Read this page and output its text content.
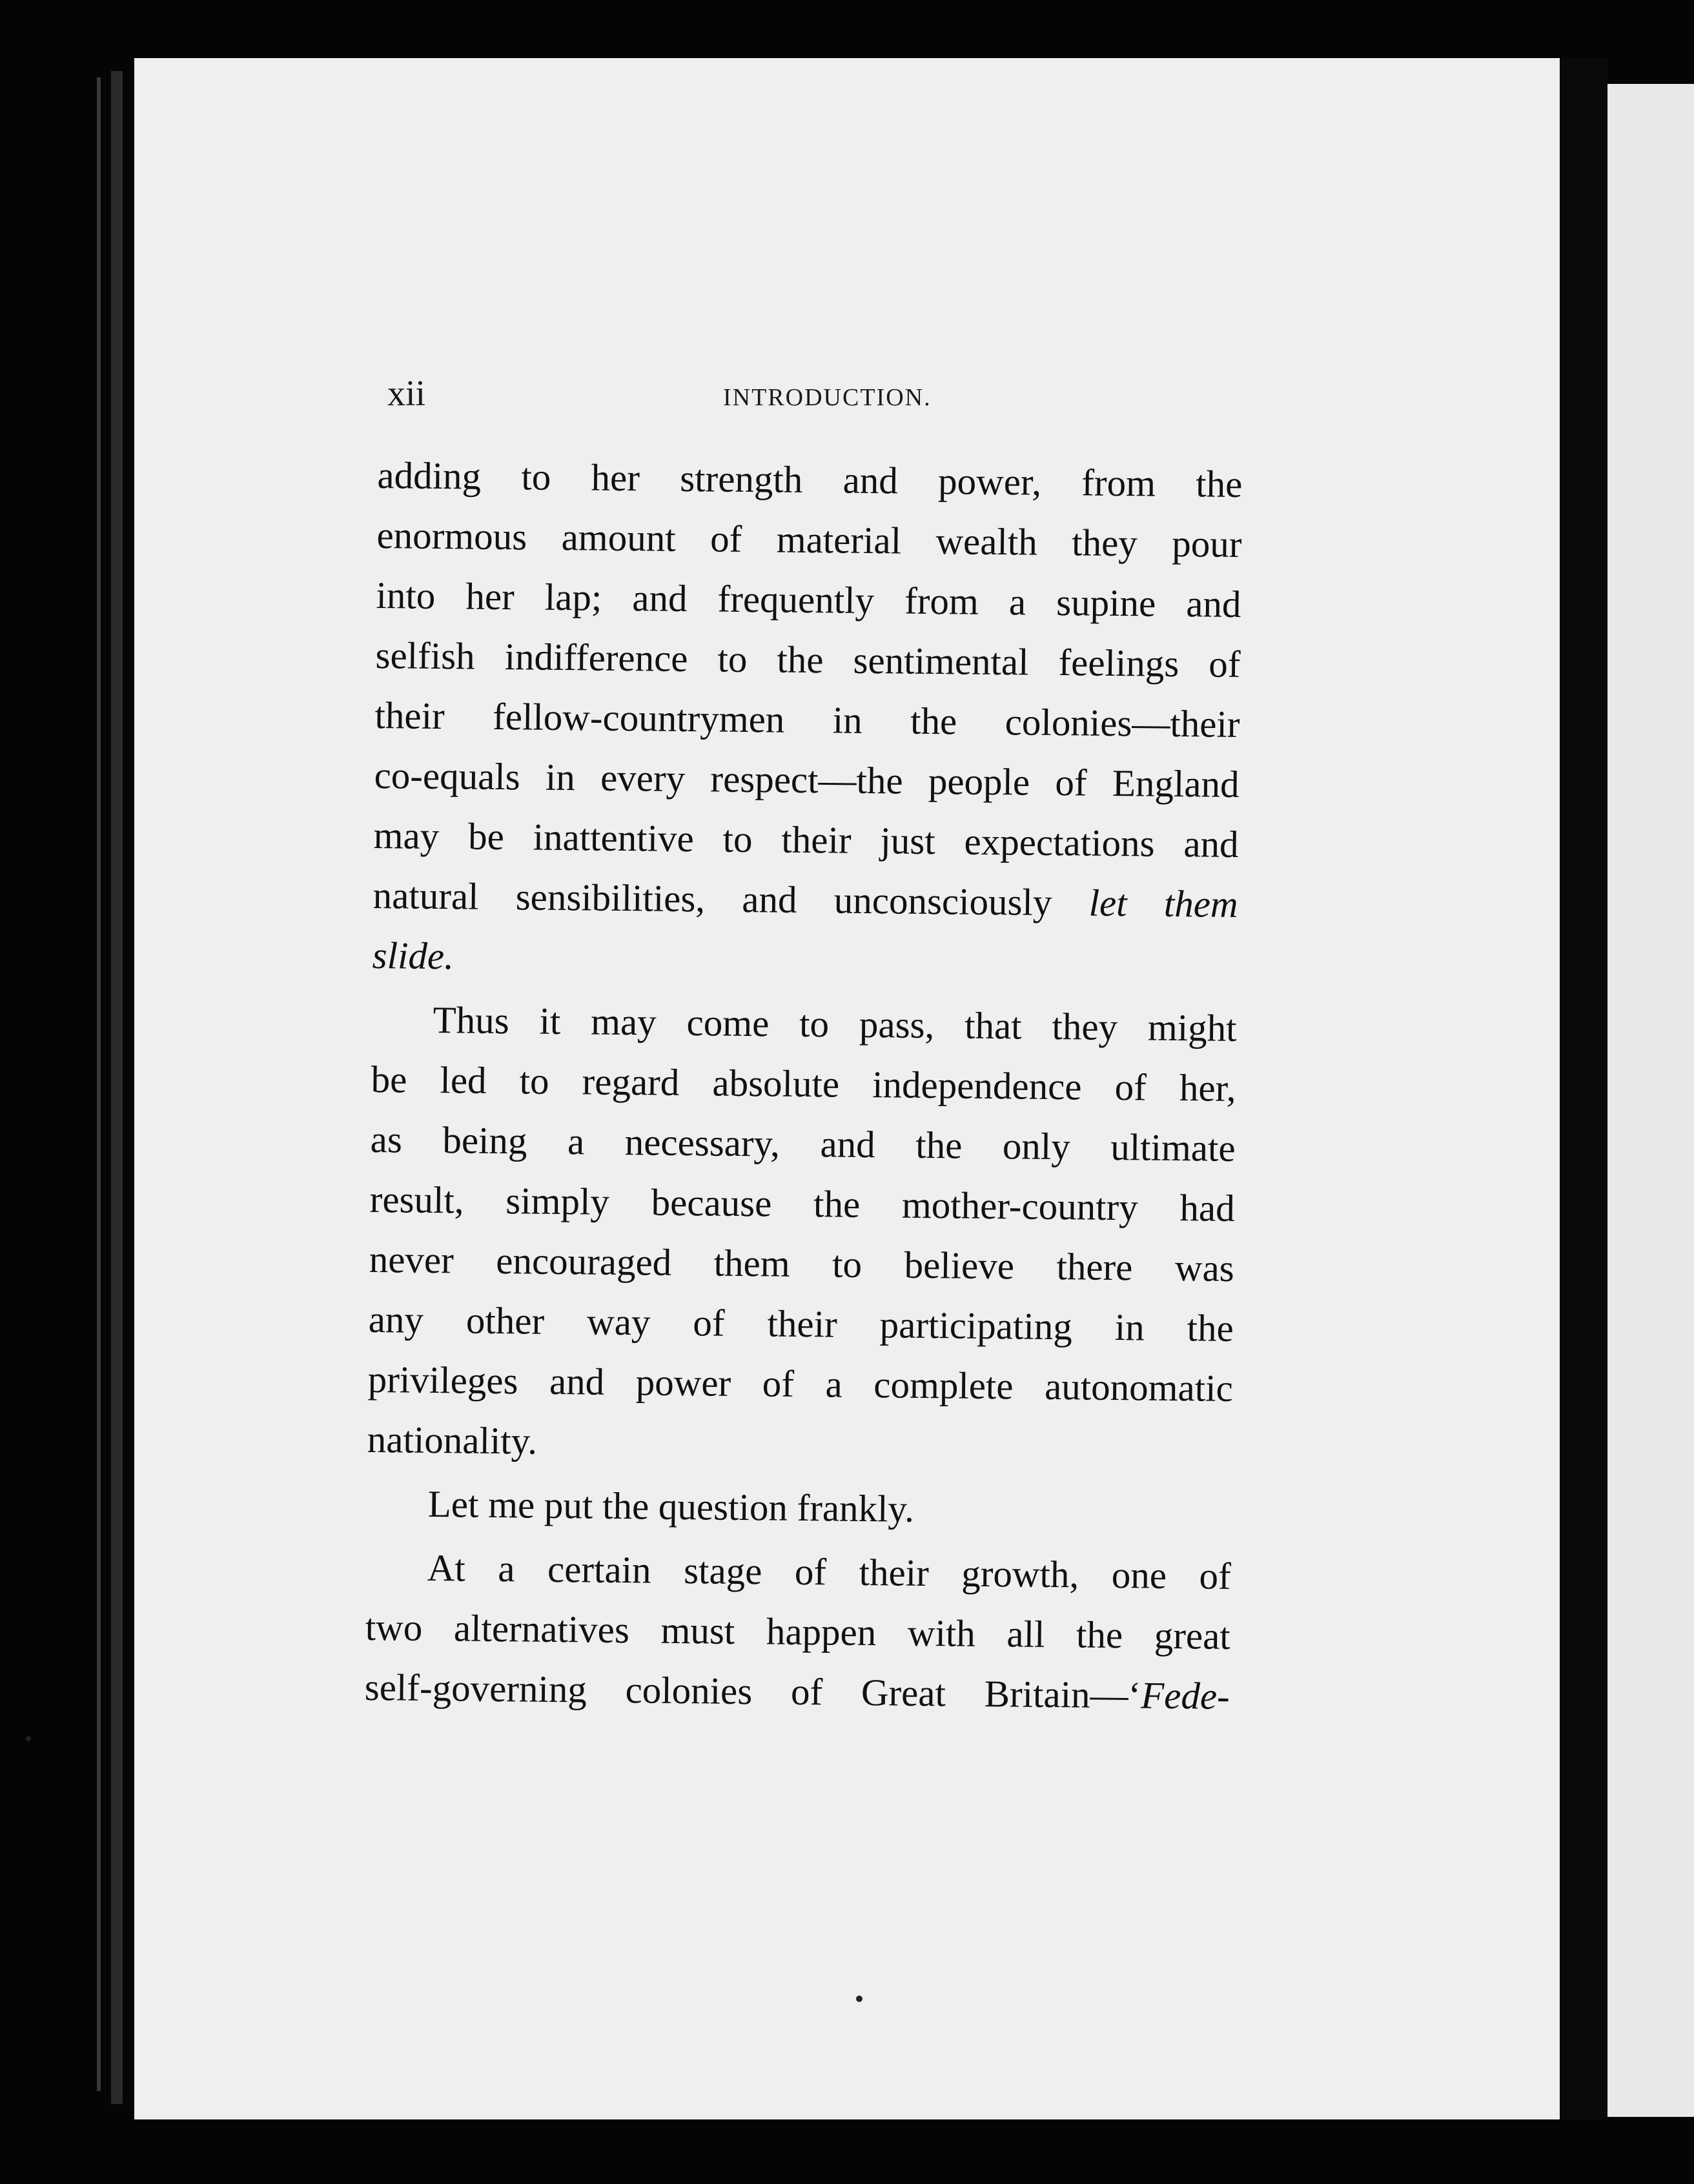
xii	INTRODUCTION.
adding to her strength and power, from the
enormous amount of material wealth they pour
into her lap; and frequently from a supine and
selfish indifference to the sentimental feelings of
their fellow-countrymen in the colonies—their
co-equals in every respect—the people of England
may be inattentive to their just expectations and
natural sensibilities, and unconsciously let them
slide.
Thus it may come to pass, that they might
be led to regard absolute independence of her,
as being a necessary, and the only ultimate
result, simply because the mother-country had
never encouraged them to believe there was
any other way of their participating in the
privileges and power of a complete autonomatic
nationality.
Let me put the question frankly.
At a certain stage of their growth, one of
two alternatives must happen with all the great
self-governing colonies of Great Britain—‘Fede-
